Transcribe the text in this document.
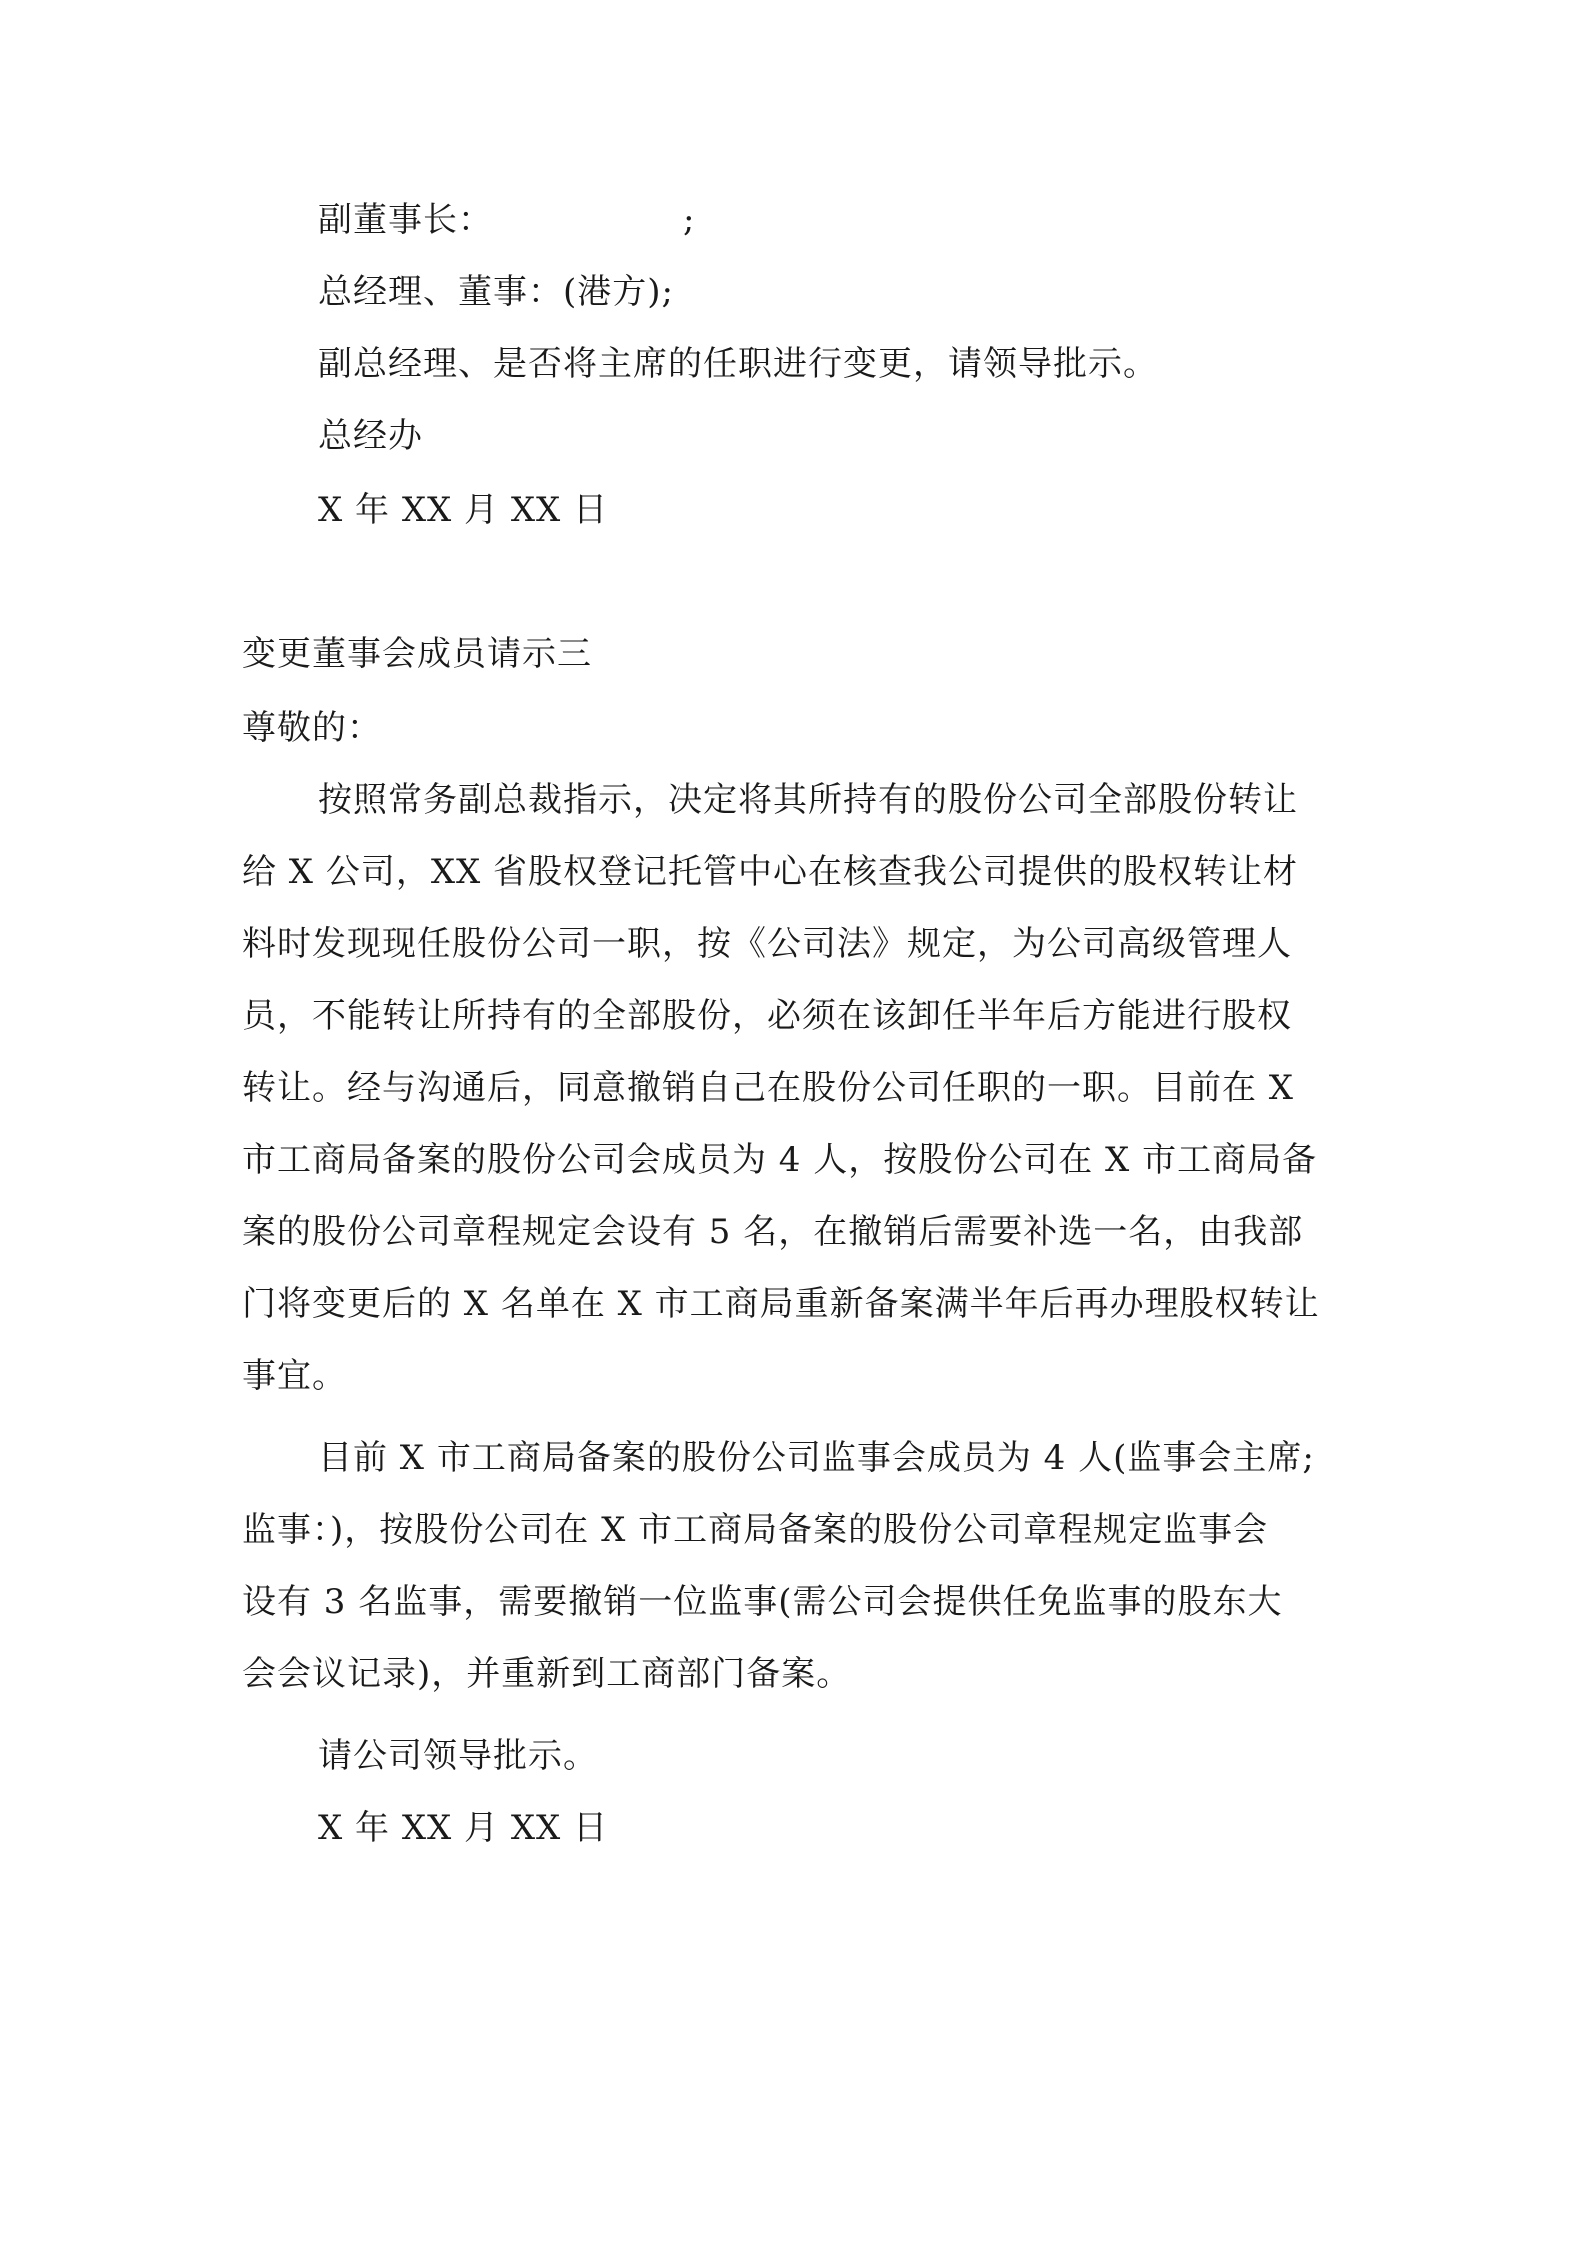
副董事长：	;
总经理、董事：(港方);
副总经理、是否将主席的任职进行变更，请领导批示。
总经办
X 年 XX 月 XX 日
变更董事会成员请示三
尊敬的：
按照常务副总裁指示，决定将其所持有的股份公司全部股份转让
给 X 公司，XX 省股权登记托管中心在核查我公司提供的股权转让材
料时发现现任股份公司一职，按《公司法》规定，为公司高级管理人
员，不能转让所持有的全部股份，必须在该卸任半年后方能进行股权
转让。经与沟通后，同意撤销自己在股份公司任职的一职。目前在 X
市工商局备案的股份公司会成员为 4 人，按股份公司在 X 市工商局备
案的股份公司章程规定会设有 5 名，在撤销后需要补选一名，由我部
门将变更后的 X 名单在 X 市工商局重新备案满半年后再办理股权转让
事宜。
目前 X 市工商局备案的股份公司监事会成员为 4 人(监事会主席;
监事：)，按股份公司在 X 市工商局备案的股份公司章程规定监事会
设有 3 名监事，需要撤销一位监事(需公司会提供任免监事的股东大
会会议记录)，并重新到工商部门备案。
请公司领导批示。
X 年 XX 月 XX 日
